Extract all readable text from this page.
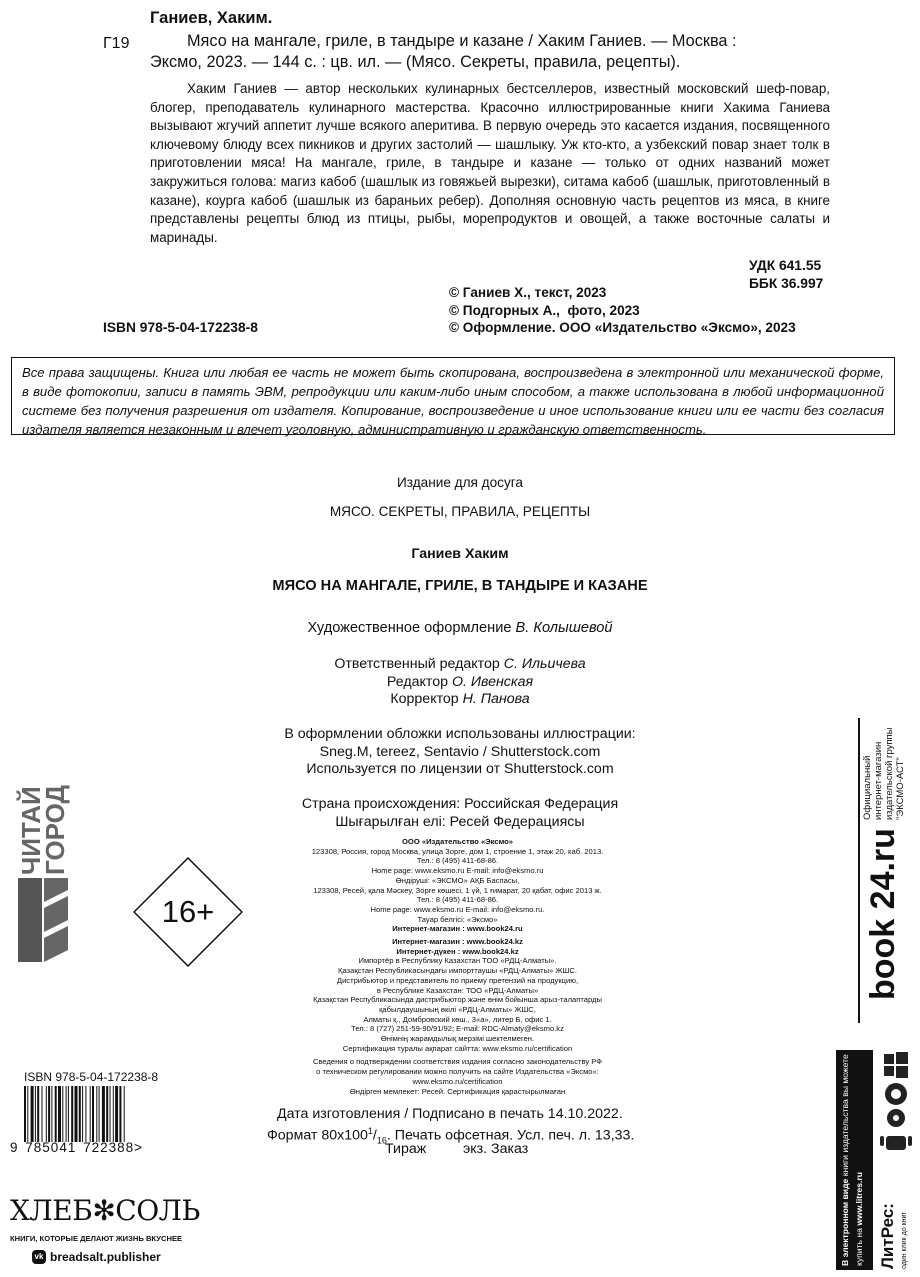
Ганиев, Хаким.
Г19	Мясо на мангале, гриле, в тандыре и казане / Хаким Ганиев. — Москва :
Эксмо, 2023. — 144 с. : цв. ил. — (Мясо. Секреты, правила, рецепты).
Хаким Ганиев — автор нескольких кулинарных бестселлеров, известный московский шеф-повар, блогер, преподаватель кулинарного мастерства. Красочно иллюстрированные книги Хакима Ганиева вызывают жгучий аппетит лучше всякого аперитива. В первую очередь это касается издания, посвященного ключевому блюду всех пикников и других застолий — шашлыку. Уж кто-кто, а узбекский повар знает толк в приготовлении мяса! На мангале, гриле, в тандыре и казане — только от одних названий может закружиться голова: магиз кабоб (шашлык из говяжьей вырезки), ситама кабоб (шашлык, приготовленный в казане), коурга кабоб (шашлык из бараньих ребер). Дополняя основную часть рецептов из мяса, в книге представлены рецепты блюд из птицы, рыбы, морепродуктов и овощей, а также восточные салаты и маринады.
УДК 641.55
ББК 36.997
© Ганиев Х., текст, 2023
© Подгорных А.,  фото, 2023
© Оформление. ООО «Издательство «Эксмо», 2023
ISBN 978-5-04-172238-8
Все права защищены. Книга или любая ее часть не может быть скопирована, воспроизведена в электронной или механической форме, в виде фотокопии, записи в память ЭВМ, репродукции или каким-либо иным способом, а также использована в любой информационной системе без получения разрешения от издателя. Копирование, воспроизведение и иное использование книги или ее части без согласия издателя является незаконным и влечет уголовную, административную и гражданскую ответственность.
Издание для досуга
МЯСО. СЕКРЕТЫ, ПРАВИЛА, РЕЦЕПТЫ
Ганиев Хаким
МЯСО НА МАНГАЛЕ, ГРИЛЕ, В ТАНДЫРЕ И КАЗАНЕ
Художественное оформление В. Колышевой
Ответственный редактор С. Ильичева
Редактор О. Ивенская
Корректор Н. Панова
В оформлении обложки использованы иллюстрации:
Sneg.M, tereez, Sentavio / Shutterstock.com
Используется по лицензии от Shutterstock.com
Страна происхождения: Российская Федерация
Шығарылған елі: Ресей Федерациясы
ООО «Издательство «Эксмо»
123308, Россия, город Москва, улица Зорге, дом 1, строение 1, этаж 20, каб. 2013.
Тел.: 8 (495) 411-68-86.
Home page: www.eksmo.ru E-mail: info@eksmo.ru
Өндіруші: «ЭКСМО» АҚБ Баспасы,
123308, Ресей, қала Мәскеу, Зорге көшесі, 1 үй, 1 ғимарат, 20 қабат, офис 2013 ж.
Тел.: 8 (495) 411-68-86.
Home page: www.eksmo.ru E-mail: info@eksmo.ru.
Тауар белгісі: «Эксмо»
Интернет-магазин : www.book24.ru
Интернет-магазин : www.book24.kz
Интернет-дүкен : www.book24.kz
Импортёр в Республику Казахстан ТОО «РДЦ-Алматы».
Қазақстан Республикасындағы импорттаушы «РДЦ-Алматы» ЖШС.
Дистрибьютор и представитель по приему претензий на продукцию,
в Республике Казахстан: ТОО «РДЦ-Алматы»
Қазақстан Республикасында дистрибьютор және өнім бойынша арыз-талаптарды
қабылдаушының өкілі «РДЦ-Алматы» ЖШС,
Алматы қ., Домбровский көш., 3«а», литер Б, офис 1.
Тел.: 8 (727) 251-59-90/91/92; E-mail: RDC-Almaty@eksmo.kz
Өнімнің жарамдылық мерзімі шектелмеген.
Сертификация туралы ақпарат сайтта: www.eksmo.ru/certification
Сведения о подтверждении соответствия издания согласно законодательству РФ
о техническом регулировании можно получить на сайте Издательства «Эксмо»:
www.eksmo.ru/certification
Өндірген мемлекет: Ресей. Сертификация қарастырылмаған
Дата изготовления / Подписано в печать 14.10.2022.
Формат $80x100^1/_{16}$. Печать офсетная. Усл. печ. л. 13,33.
Тираж	экз. Заказ
16+
ЧИТАЙ
ГОРОД	Официальный интернет-магазин издательской группы "ЭКСМО-АСТ"
book 24.ru
В электронном виде книги издательства вы можете
купить на www.litres.ru
ЛитРес: один клик до книг
ISBN 978-5-04-172238-8
9 785041 722388>
ХЛЕБ✻СОЛЬ
КНИГИ, КОТОРЫЕ ДЕЛАЮТ ЖИЗНЬ ВКУСНЕЕ
vk breadsalt.publisher
